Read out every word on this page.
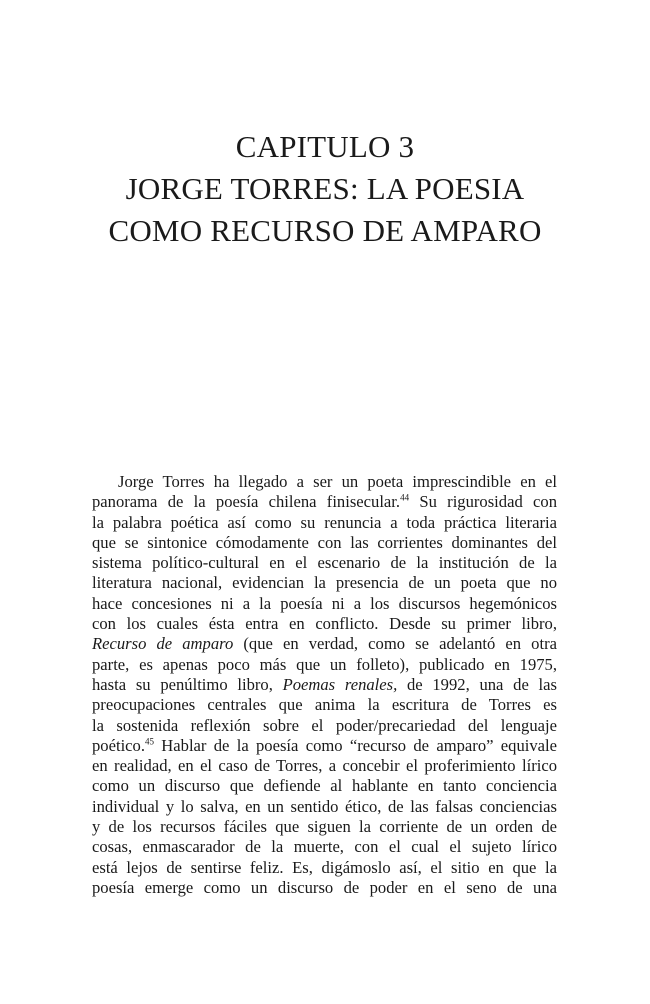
CAPITULO 3
JORGE TORRES: LA POESIA
COMO RECURSO DE AMPARO
Jorge Torres ha llegado a ser un poeta imprescindible en el
panorama de la poesía chilena finisecular.$^{44}$ Su rigurosidad con
la palabra poética así como su renuncia a toda práctica literaria
que se sintonice cómodamente con las corrientes dominantes del
sistema político-cultural en el escenario de la institución de la
literatura nacional, evidencian la presencia de un poeta que no
hace concesiones ni a la poesía ni a los discursos hegemónicos
con los cuales ésta entra en conflicto. Desde su primer libro,
Recurso de amparo (que en verdad, como se adelantó en otra
parte, es apenas poco más que un folleto), publicado en 1975,
hasta su penúltimo libro, Poemas renales, de 1992, una de las
preocupaciones centrales que anima la escritura de Torres es
la sostenida reflexión sobre el poder/precariedad del lenguaje
poético.$^{45}$ Hablar de la poesía como “recurso de amparo” equivale
en realidad, en el caso de Torres, a concebir el proferimiento lírico
como un discurso que defiende al hablante en tanto conciencia
individual y lo salva, en un sentido ético, de las falsas conciencias
y de los recursos fáciles que siguen la corriente de un orden de
cosas, enmascarador de la muerte, con el cual el sujeto lírico
está lejos de sentirse feliz. Es, digámoslo así, el sitio en que la
poesía emerge como un discurso de poder en el seno de una
